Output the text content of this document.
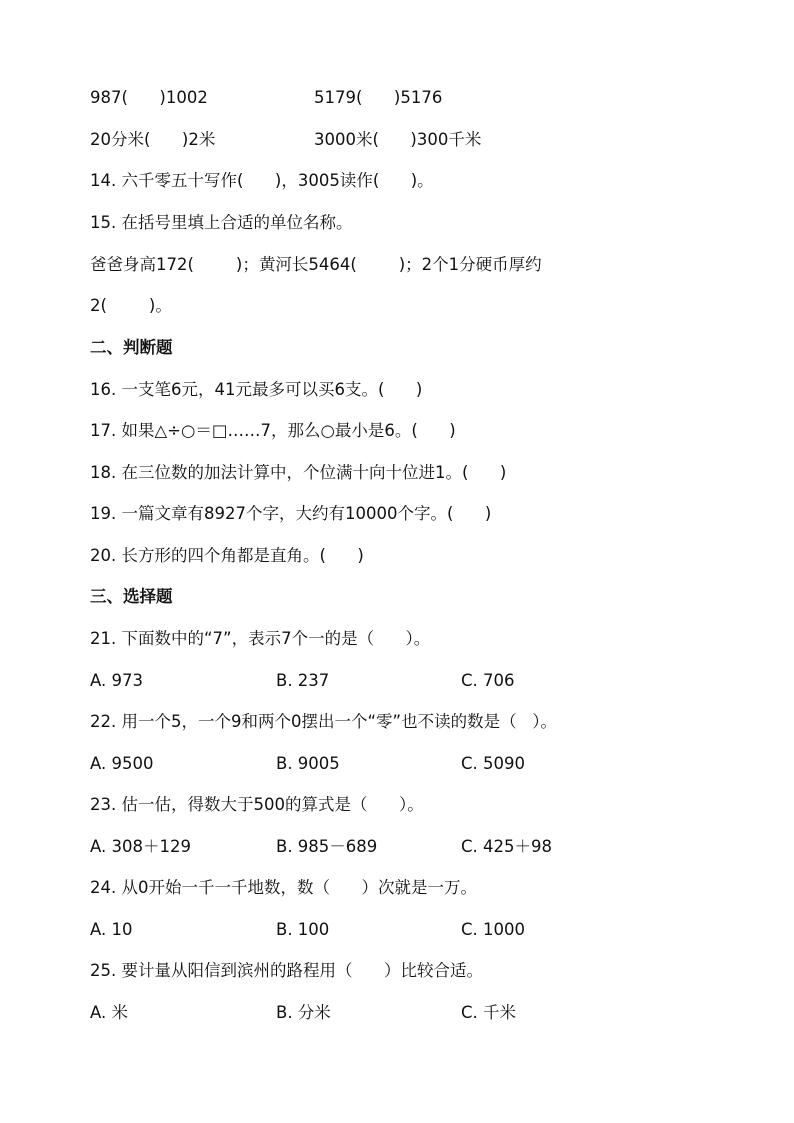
987(      )1002	5179(      )5176
20分米(      )2米	3000米(      )300千米
14. 六千零五十写作(      )，3005读作(      )。
15. 在括号里填上合适的单位名称。
爸爸身高172(        )；黄河长5464(        )；2个1分硬币厚约
2(        )。
二、判断题
16. 一支笔6元，41元最多可以买6支。(      )
17. 如果△÷○＝□……7，那么○最小是6。(      )
18. 在三位数的加法计算中，个位满十向十位进1。(      )
19. 一篇文章有8927个字，大约有10000个字。(      )
20. 长方形的四个角都是直角。(      )
三、选择题
21. 下面数中的“7”，表示7个一的是（      ）。
A. 973	B. 237	C. 706
22. 用一个5，一个9和两个0摆出一个“零”也不读的数是（   ）。
A. 9500	B. 9005	C. 5090
23. 估一估，得数大于500的算式是（      ）。
A. 308＋129	B. 985－689	C. 425＋98
24. 从0开始一千一千地数，数（      ）次就是一万。
A. 10	B. 100	C. 1000
25. 要计量从阳信到滨州的路程用（      ）比较合适。
A. 米	B. 分米	C. 千米
